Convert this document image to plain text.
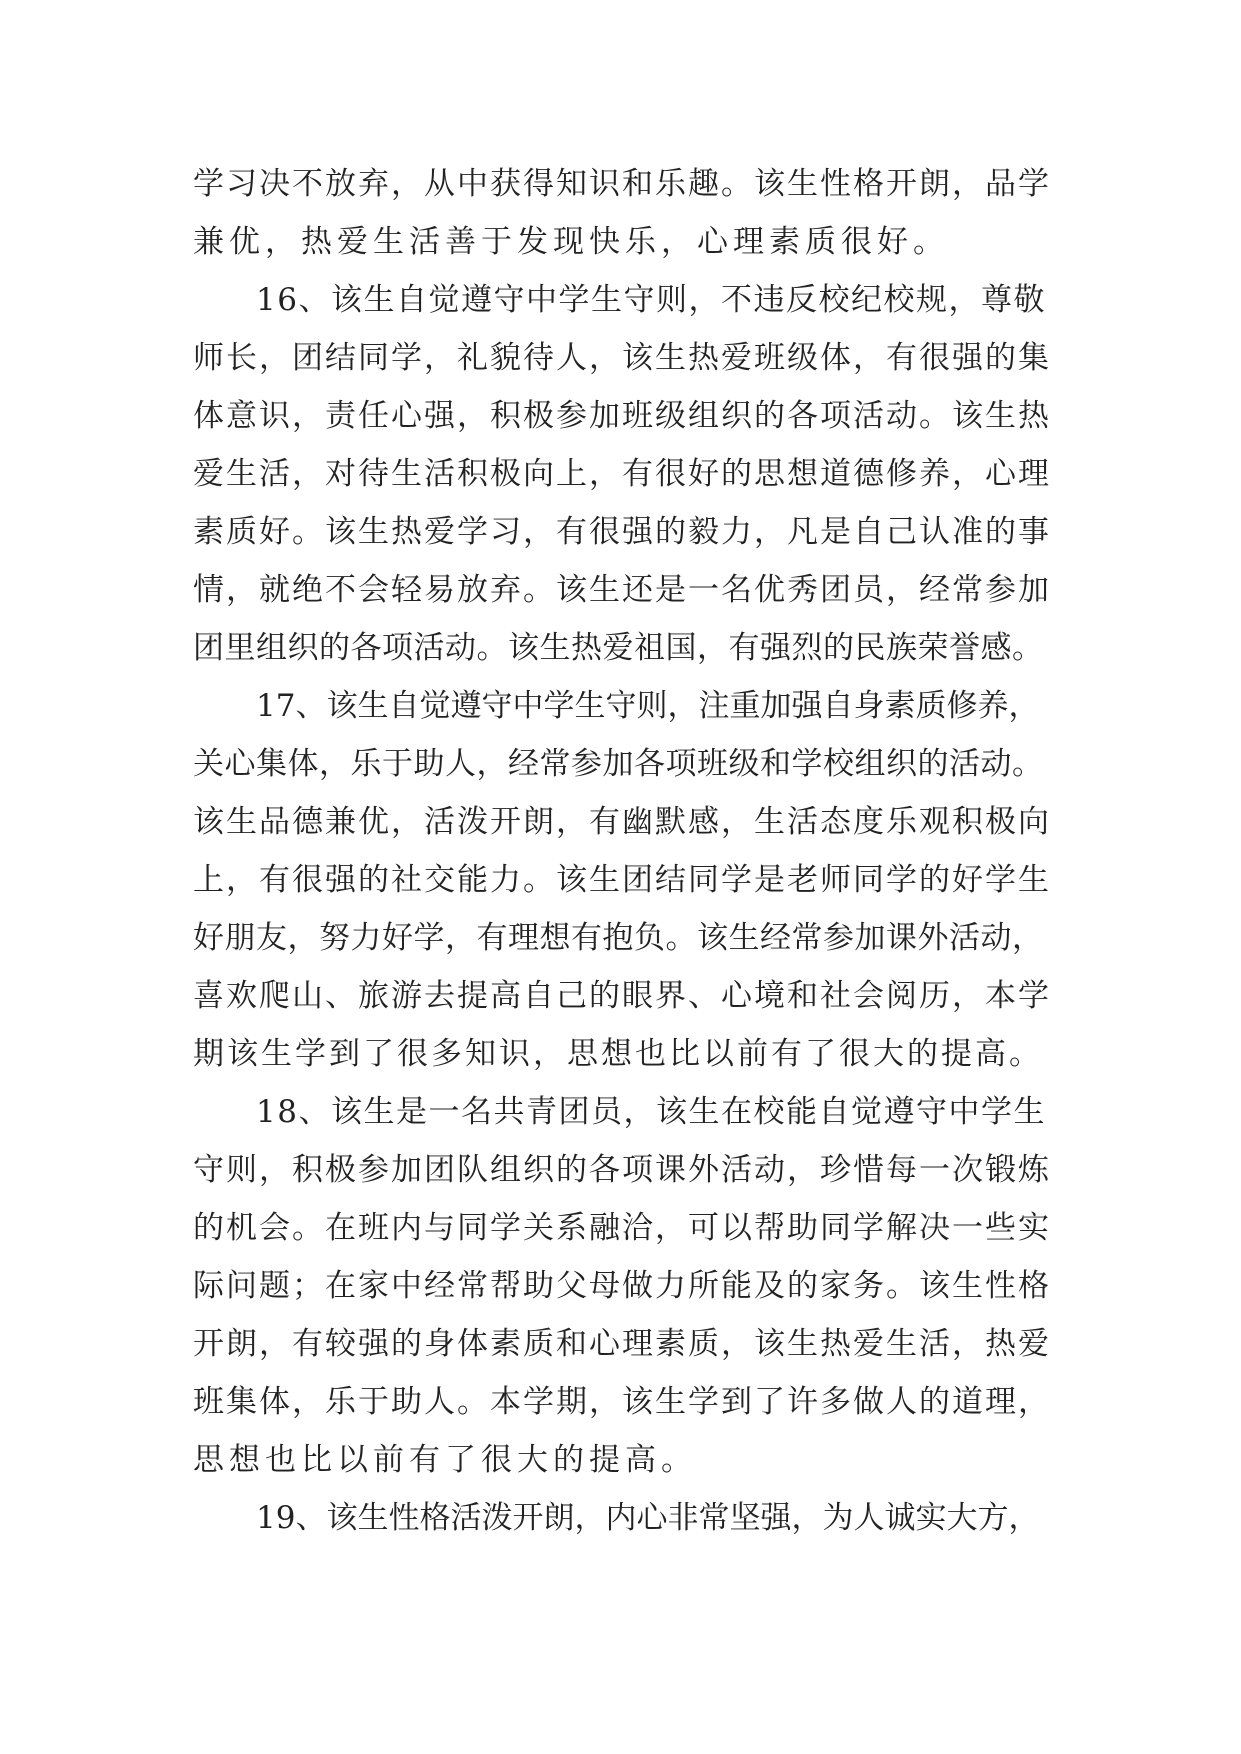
学习决不放弃，从中获得知识和乐趣。该生性格开朗，品学
兼优，热爱生活善于发现快乐，心理素质很好。
16、该生自觉遵守中学生守则，不违反校纪校规，尊敬
师长，团结同学，礼貌待人，该生热爱班级体，有很强的集
体意识，责任心强，积极参加班级组织的各项活动。该生热
爱生活，对待生活积极向上，有很好的思想道德修养，心理
素质好。该生热爱学习，有很强的毅力，凡是自己认准的事
情，就绝不会轻易放弃。该生还是一名优秀团员，经常参加
团里组织的各项活动。该生热爱祖国，有强烈的民族荣誉感。
17、该生自觉遵守中学生守则，注重加强自身素质修养，
关心集体，乐于助人，经常参加各项班级和学校组织的活动。
该生品德兼优，活泼开朗，有幽默感，生活态度乐观积极向
上，有很强的社交能力。该生团结同学是老师同学的好学生
好朋友，努力好学，有理想有抱负。该生经常参加课外活动，
喜欢爬山、旅游去提高自己的眼界、心境和社会阅历，本学
期该生学到了很多知识，思想也比以前有了很大的提高。
18、该生是一名共青团员，该生在校能自觉遵守中学生
守则，积极参加团队组织的各项课外活动，珍惜每一次锻炼
的机会。在班内与同学关系融洽，可以帮助同学解决一些实
际问题；在家中经常帮助父母做力所能及的家务。该生性格
开朗，有较强的身体素质和心理素质，该生热爱生活，热爱
班集体，乐于助人。本学期，该生学到了许多做人的道理，
思想也比以前有了很大的提高。
19、该生性格活泼开朗，内心非常坚强，为人诚实大方，
